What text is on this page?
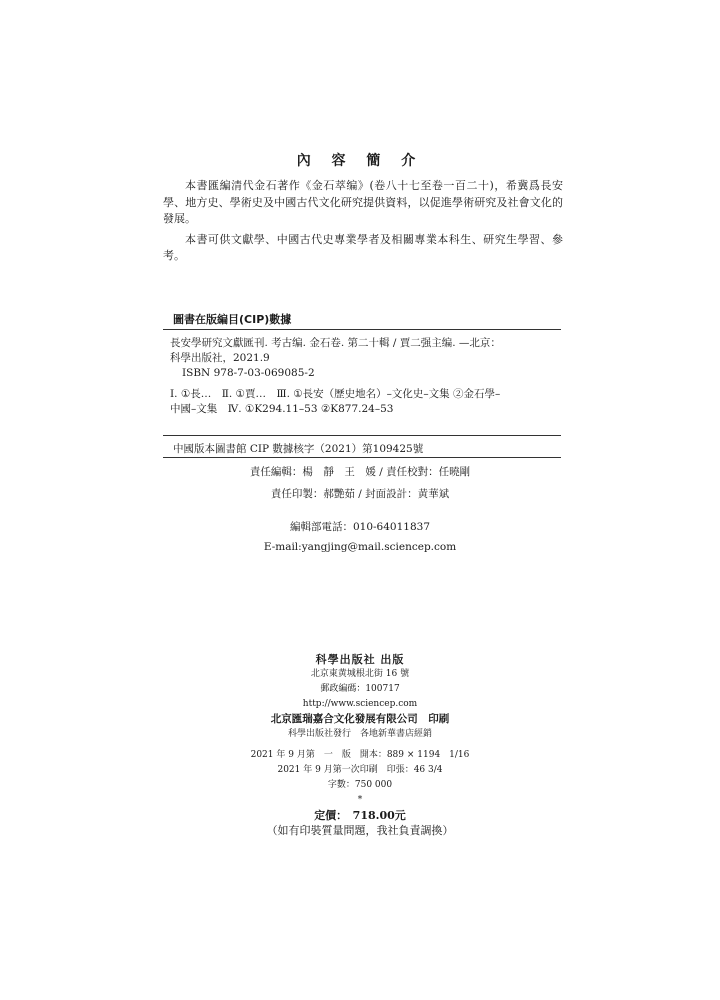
內 容 簡 介

本書匯編清代金石著作《金石萃编》(卷八十七至卷一百二十)，希冀爲長安學、地方史、學術史及中國古代文化研究提供資料，以促進學術研究及社會文化的發展。

本書可供文獻學、中國古代史專業學者及相關專業本科生、研究生學習、參考。

圖書在版編目(CIP)數據
長安學研究文獻匯刊. 考古编. 金石卷. 第二十輯 / 賈二强主编. —北京：
科學出版社，2021.9
ISBN 978-7-03-069085-2
Ⅰ. ①長…　Ⅱ. ①賈…　Ⅲ. ①長安（歷史地名）–文化史–文集 ②金石學–
中國–文集　Ⅳ. ①K294.11–53 ②K877.24–53
中國版本圖書館 CIP 數據核字（2021）第109425號
責任編輯：楊　靜　王　媛 / 責任校對：任曉剛
責任印製：郝艷茹 / 封面設計：黄華斌
編輯部電話：010-64011837
E-mail:yangjing@mail.sciencep.com
科學出版社 出版
北京東黄城根北街 16 號
郵政編碼：100717
http://www.sciencep.com
北京匯瑞嘉合文化發展有限公司　印刷
科學出版社發行　各地新華書店經銷
2021 年 9 月第　一　版　開本：889 × 1194　1/16
2021 年 9 月第一次印刷　印張：46 3/4
字數：750 000
*
定價：　718.00元
（如有印裝質量問題，我社負責調換）
